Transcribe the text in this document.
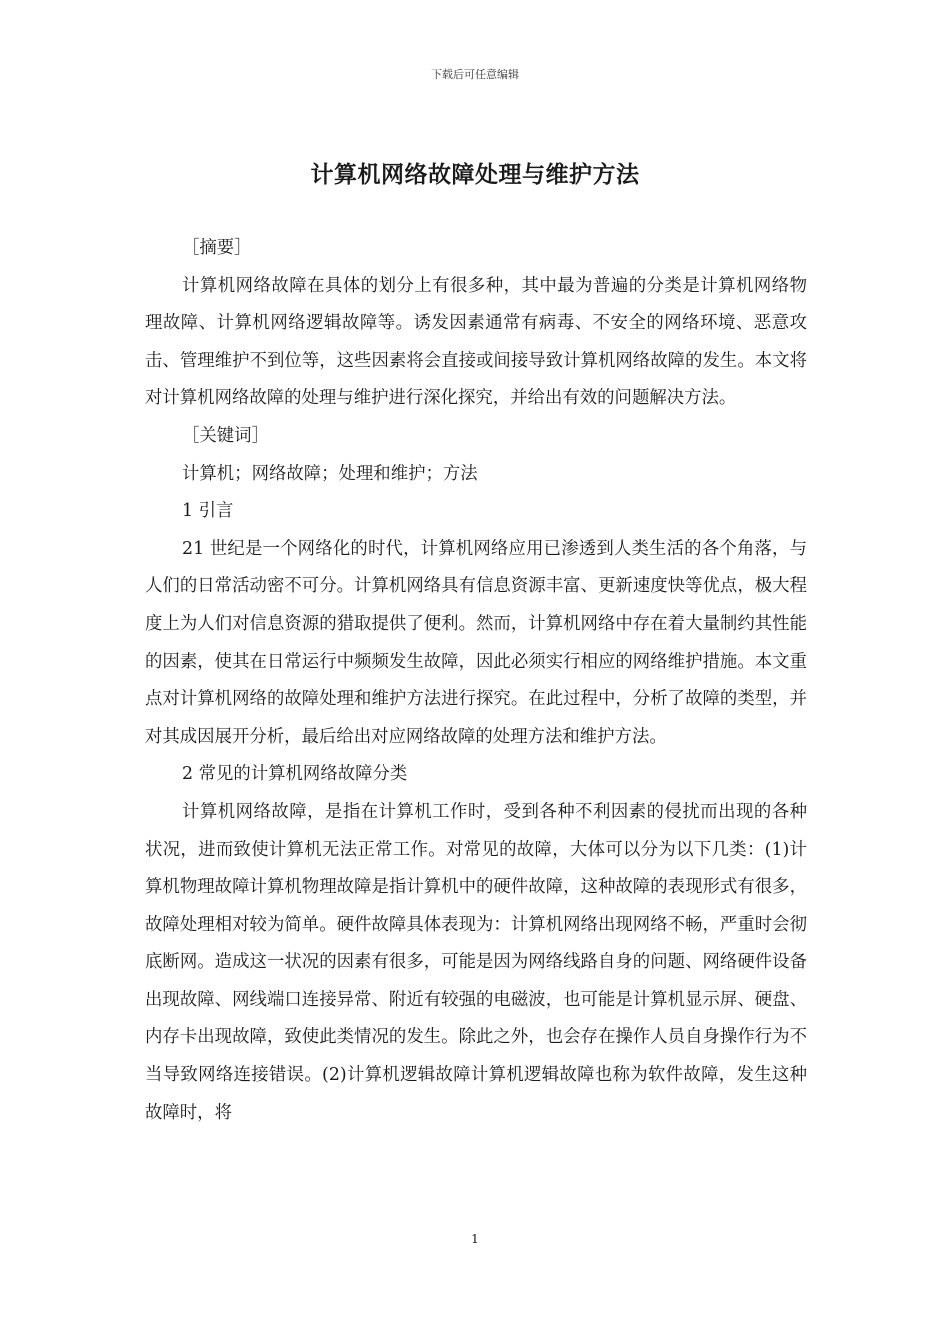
下载后可任意编辑
计算机网络故障处理与维护方法

［摘要］

计算机网络故障在具体的划分上有很多种，其中最为普遍的分类是计算机网络物理故障、计算机网络逻辑故障等。诱发因素通常有病毒、不安全的网络环境、恶意攻击、管理维护不到位等，这些因素将会直接或间接导致计算机网络故障的发生。本文将对计算机网络故障的处理与维护进行深化探究，并给出有效的问题解决方法。

［关键词］

计算机；网络故障；处理和维护；方法

1 引言

21 世纪是一个网络化的时代，计算机网络应用已渗透到人类生活的各个角落，与人们的日常活动密不可分。计算机网络具有信息资源丰富、更新速度快等优点，极大程度上为人们对信息资源的猎取提供了便利。然而，计算机网络中存在着大量制约其性能的因素，使其在日常运行中频频发生故障，因此必须实行相应的网络维护措施。本文重点对计算机网络的故障处理和维护方法进行探究。在此过程中，分析了故障的类型，并对其成因展开分析，最后给出对应网络故障的处理方法和维护方法。

2 常见的计算机网络故障分类

计算机网络故障，是指在计算机工作时，受到各种不利因素的侵扰而出现的各种状况，进而致使计算机无法正常工作。对常见的故障，大体可以分为以下几类：(1)计算机物理故障计算机物理故障是指计算机中的硬件故障，这种故障的表现形式有很多，故障处理相对较为简单。硬件故障具体表现为：计算机网络出现网络不畅，严重时会彻底断网。造成这一状况的因素有很多，可能是因为网络线路自身的问题、网络硬件设备出现故障、网线端口连接异常、附近有较强的电磁波，也可能是计算机显示屏、硬盘、内存卡出现故障，致使此类情况的发生。除此之外，也会存在操作人员自身操作行为不当导致网络连接错误。(2)计算机逻辑故障计算机逻辑故障也称为软件故障，发生这种故障时，将

1
